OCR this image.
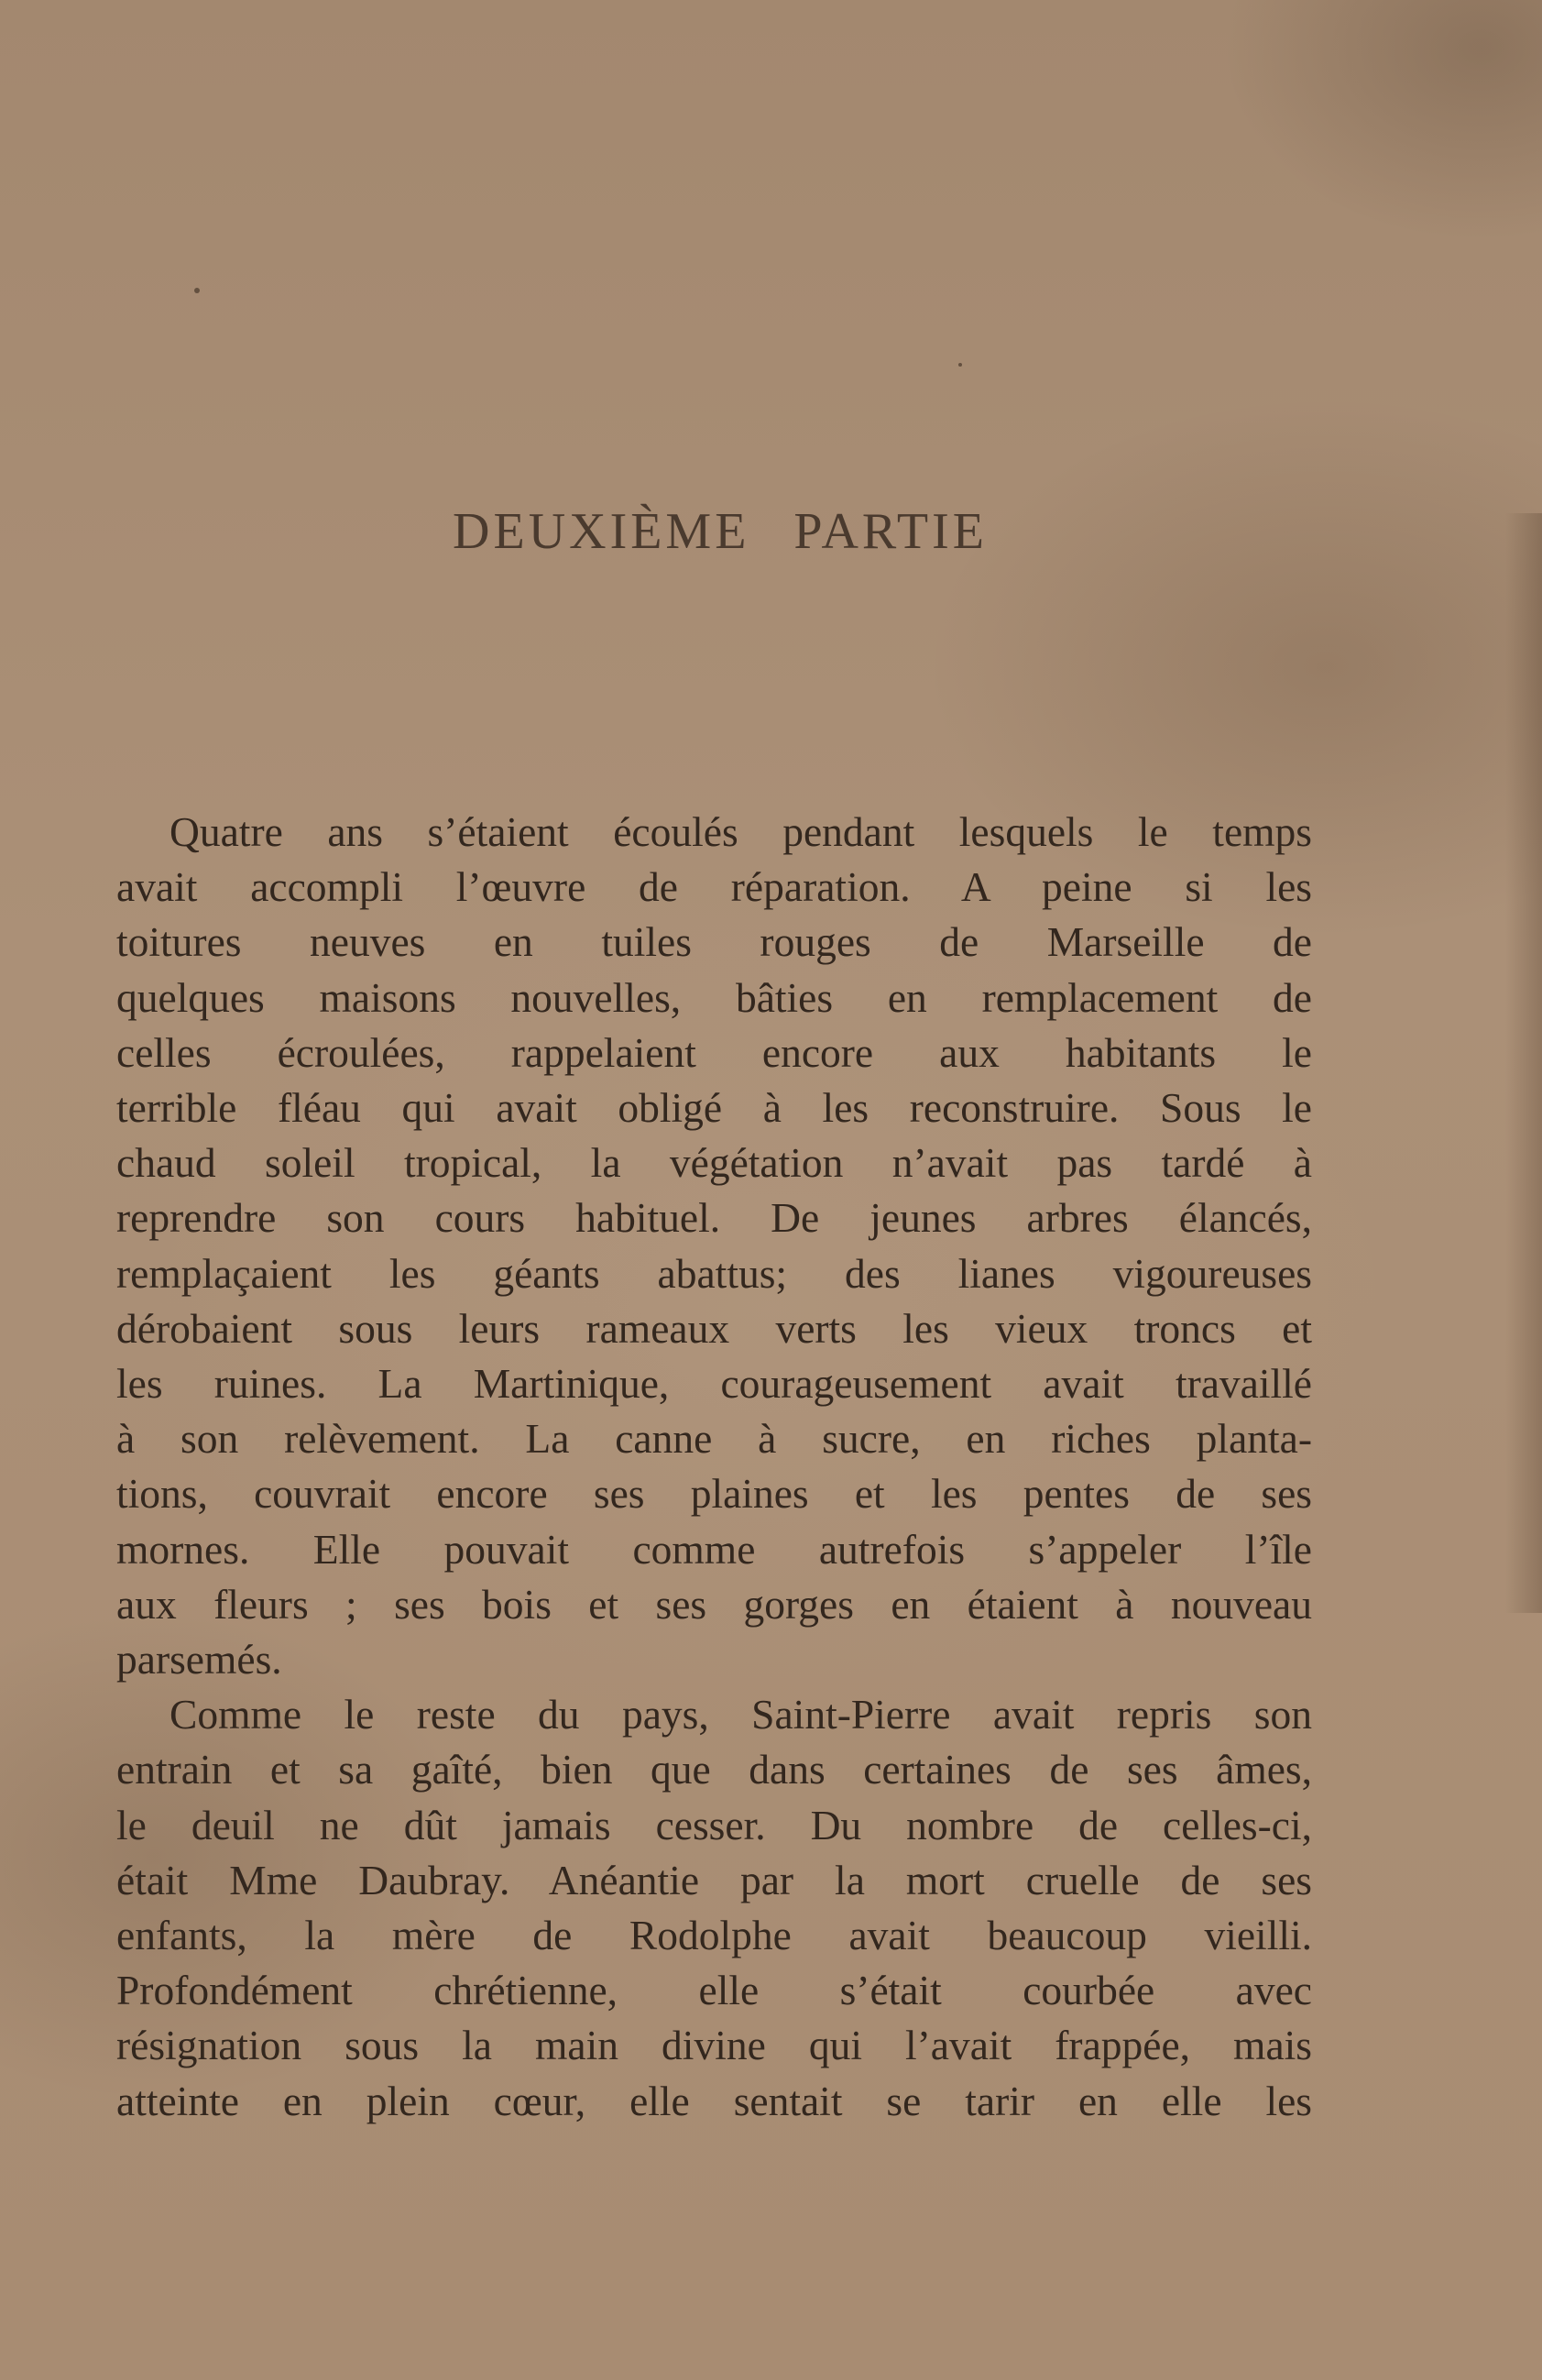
DEUXIÈME PARTIE
Quatre ans s’étaient écoulés pendant lesquels le temps
avait accompli l’œuvre de réparation. A peine si les
toitures neuves en tuiles rouges de Marseille de
quelques maisons nouvelles, bâties en remplacement de
celles écroulées, rappelaient encore aux habitants le
terrible fléau qui avait obligé à les reconstruire. Sous le
chaud soleil tropical, la végétation n’avait pas tardé à
reprendre son cours habituel. De jeunes arbres élancés,
remplaçaient les géants abattus; des lianes vigoureuses
dérobaient sous leurs rameaux verts les vieux troncs et
les ruines. La Martinique, courageusement avait travaillé
à son relèvement. La canne à sucre, en riches planta-
tions, couvrait encore ses plaines et les pentes de ses
mornes. Elle pouvait comme autrefois s’appeler l’île
aux fleurs ; ses bois et ses gorges en étaient à nouveau
parsemés.
Comme le reste du pays, Saint-Pierre avait repris son
entrain et sa gaîté, bien que dans certaines de ses âmes,
le deuil ne dût jamais cesser. Du nombre de celles-ci,
était Mme Daubray. Anéantie par la mort cruelle de ses
enfants, la mère de Rodolphe avait beaucoup vieilli.
Profondément chrétienne, elle s’était courbée avec
résignation sous la main divine qui l’avait frappée, mais
atteinte en plein cœur, elle sentait se tarir en elle les
